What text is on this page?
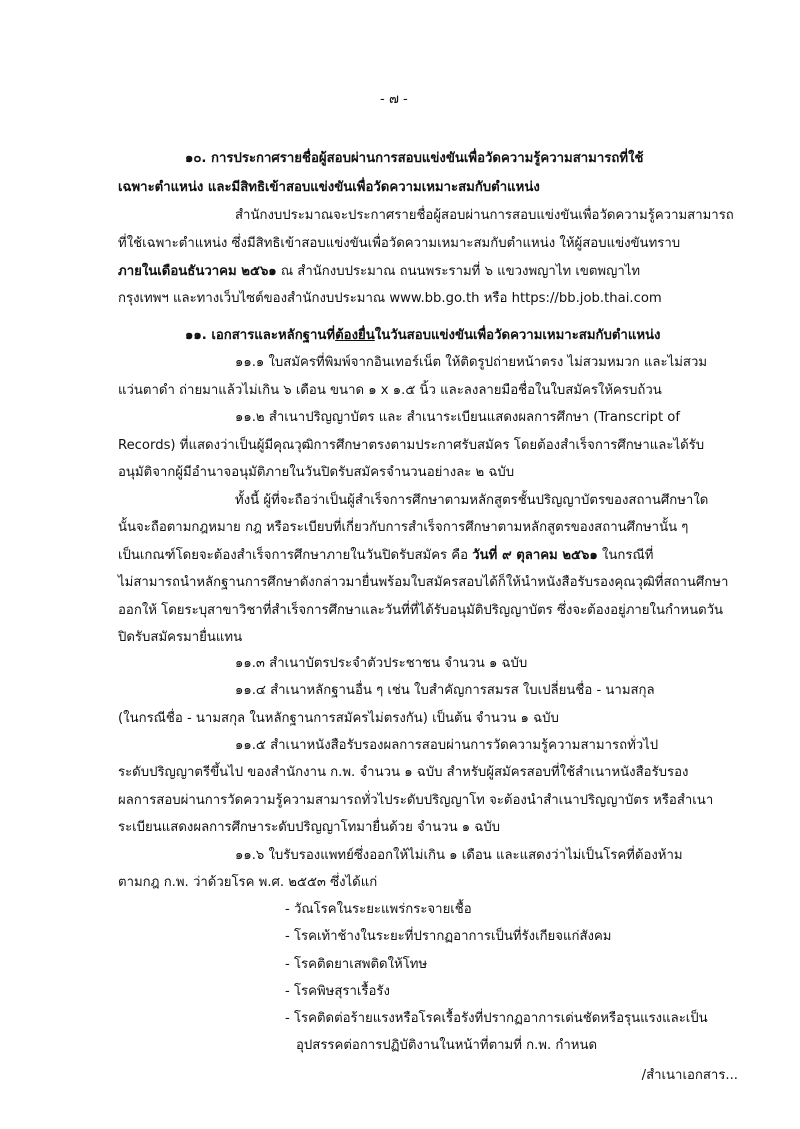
- ๗ -
๑๐. การประกาศรายชื่อผู้สอบผ่านการสอบแข่งขันเพื่อวัดความรู้ความสามารถที่ใช้
เฉพาะตำแหน่ง และมีสิทธิเข้าสอบแข่งขันเพื่อวัดความเหมาะสมกับตำแหน่ง
สำนักงบประมาณจะประกาศรายชื่อผู้สอบผ่านการสอบแข่งขันเพื่อวัดความรู้ความสามารถ
ที่ใช้เฉพาะตำแหน่ง ซึ่งมีสิทธิเข้าสอบแข่งขันเพื่อวัดความเหมาะสมกับตำแหน่ง ให้ผู้สอบแข่งขันทราบ
ภายในเดือนธันวาคม ๒๕๖๑ ณ สำนักงบประมาณ ถนนพระรามที่ ๖ แขวงพญาไท เขตพญาไท
กรุงเทพฯ และทางเว็บไซต์ของสำนักงบประมาณ www.bb.go.th หรือ https://bb.job.thai.com
๑๑. เอกสารและหลักฐานที่ต้องยื่นในวันสอบแข่งขันเพื่อวัดความเหมาะสมกับตำแหน่ง
๑๑.๑ ใบสมัครที่พิมพ์จากอินเทอร์เน็ต ให้ติดรูปถ่ายหน้าตรง ไม่สวมหมวก และไม่สวม
แว่นตาดำ ถ่ายมาแล้วไม่เกิน ๖ เดือน ขนาด ๑ x ๑.๕ นิ้ว และลงลายมือชื่อในใบสมัครให้ครบถ้วน
๑๑.๒ สำเนาปริญญาบัตร และ สำเนาระเบียนแสดงผลการศึกษา (Transcript of
Records) ที่แสดงว่าเป็นผู้มีคุณวุฒิการศึกษาตรงตามประกาศรับสมัคร โดยต้องสำเร็จการศึกษาและได้รับ
อนุมัติจากผู้มีอำนาจอนุมัติภายในวันปิดรับสมัครจำนวนอย่างละ ๒ ฉบับ
ทั้งนี้ ผู้ที่จะถือว่าเป็นผู้สำเร็จการศึกษาตามหลักสูตรชั้นปริญญาบัตรของสถานศึกษาใด
นั้นจะถือตามกฎหมาย กฎ หรือระเบียบที่เกี่ยวกับการสำเร็จการศึกษาตามหลักสูตรของสถานศึกษานั้น ๆ
เป็นเกณฑ์โดยจะต้องสำเร็จการศึกษาภายในวันปิดรับสมัคร คือ วันที่ ๙ ตุลาคม ๒๕๖๑ ในกรณีที่
ไม่สามารถนำหลักฐานการศึกษาดังกล่าวมายื่นพร้อมใบสมัครสอบได้ก็ให้นำหนังสือรับรองคุณวุฒิที่สถานศึกษา
ออกให้ โดยระบุสาขาวิชาที่สำเร็จการศึกษาและวันที่ที่ได้รับอนุมัติปริญญาบัตร ซึ่งจะต้องอยู่ภายในกำหนดวัน
ปิดรับสมัครมายื่นแทน
๑๑.๓ สำเนาบัตรประจำตัวประชาชน จำนวน ๑ ฉบับ
๑๑.๔ สำเนาหลักฐานอื่น ๆ เช่น ใบสำคัญการสมรส ใบเปลี่ยนชื่อ - นามสกุล
(ในกรณีชื่อ - นามสกุล ในหลักฐานการสมัครไม่ตรงกัน) เป็นต้น จำนวน ๑ ฉบับ
๑๑.๕ สำเนาหนังสือรับรองผลการสอบผ่านการวัดความรู้ความสามารถทั่วไป
ระดับปริญญาตรีขึ้นไป ของสำนักงาน ก.พ. จำนวน ๑ ฉบับ สำหรับผู้สมัครสอบที่ใช้สำเนาหนังสือรับรอง
ผลการสอบผ่านการวัดความรู้ความสามารถทั่วไประดับปริญญาโท จะต้องนำสำเนาปริญญาบัตร หรือสำเนา
ระเบียนแสดงผลการศึกษาระดับปริญญาโทมายื่นด้วย จำนวน ๑ ฉบับ
๑๑.๖ ใบรับรองแพทย์ซึ่งออกให้ไม่เกิน ๑ เดือน และแสดงว่าไม่เป็นโรคที่ต้องห้าม
ตามกฎ ก.พ. ว่าด้วยโรค พ.ศ. ๒๕๕๓ ซึ่งได้แก่
- วัณโรคในระยะแพร่กระจายเชื้อ
- โรคเท้าช้างในระยะที่ปรากฏอาการเป็นที่รังเกียจแก่สังคม
- โรคติดยาเสพติดให้โทษ
- โรคพิษสุราเรื้อรัง
- โรคติดต่อร้ายแรงหรือโรคเรื้อรังที่ปรากฏอาการเด่นชัดหรือรุนแรงและเป็น
อุปสรรคต่อการปฏิบัติงานในหน้าที่ตามที่ ก.พ. กำหนด
/สำเนาเอกสาร...
